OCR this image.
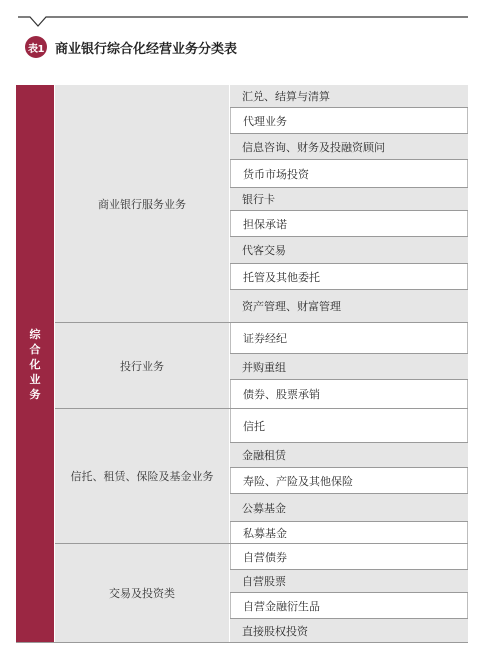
表1 商业银行综合化经营业务分类表
综合化业务
商业银行服务业务
投行业务
信托、租赁、保险及基金业务
交易及投资类
汇兑、结算与清算
代理业务
信息咨询、财务及投融资顾问
货币市场投资
银行卡
担保承诺
代客交易
托管及其他委托
资产管理、财富管理
证券经纪
并购重组
债券、股票承销
信托
金融租赁
寿险、产险及其他保险
公募基金
私募基金
自营债券
自营股票
自营金融衍生品
直接股权投资
